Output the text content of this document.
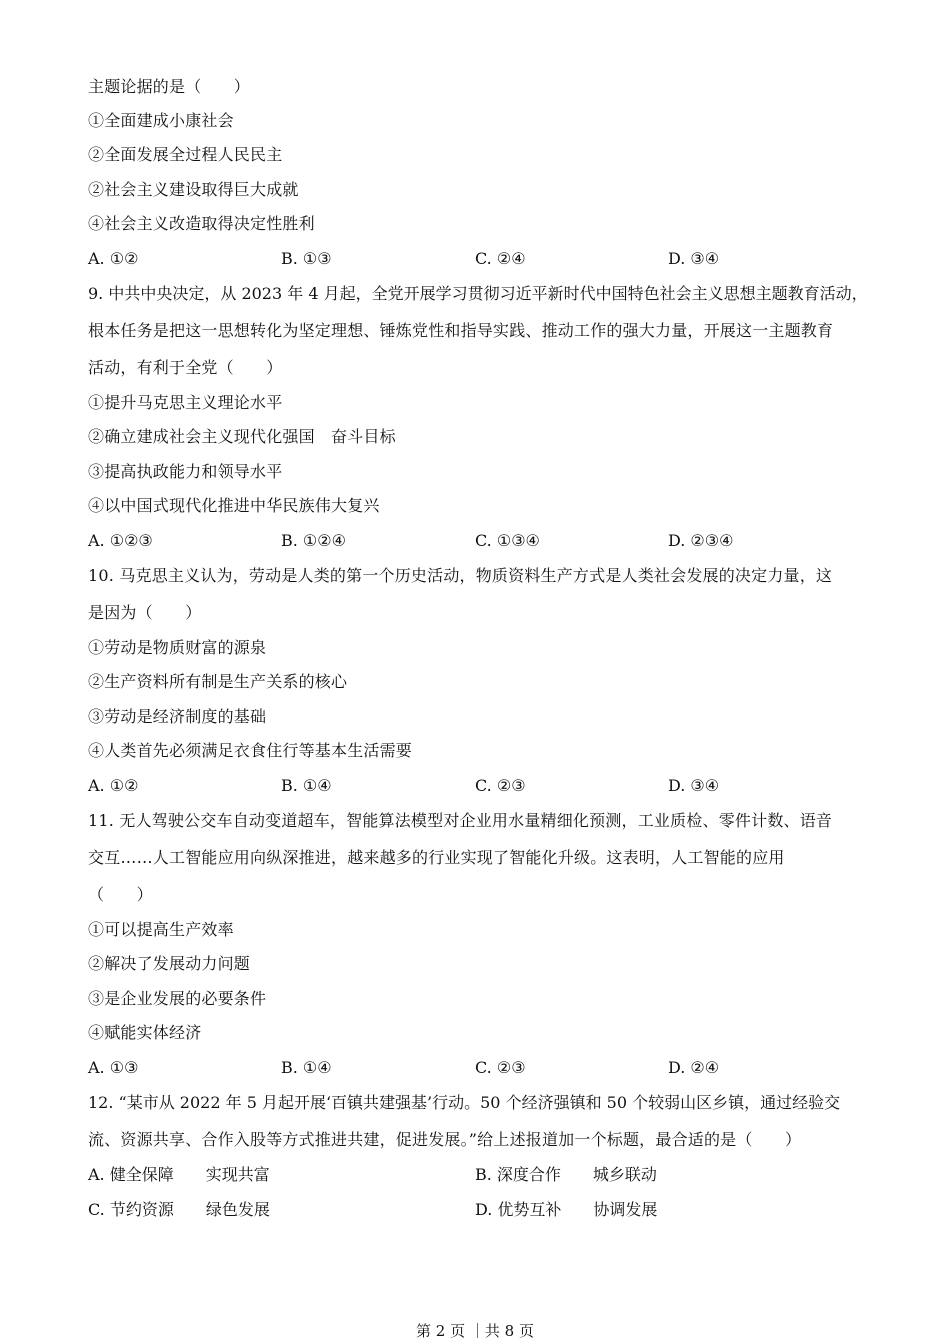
主题论据的是（　　）
①全面建成小康社会
②全面发展全过程人民民主
②社会主义建设取得巨大成就
④社会主义改造取得决定性胜利
A. ①②	B. ①③	C. ②④	D. ③④
9. 中共中央决定，从 2023 年 4 月起，全党开展学习贯彻习近平新时代中国特色社会主义思想主题教育活动，
根本任务是把这一思想转化为坚定理想、锤炼党性和指导实践、推动工作的强大力量，开展这一主题教育
活动，有利于全党（　　）
①提升马克思主义理论水平
②确立建成社会主义现代化强国　奋斗目标
③提高执政能力和领导水平
④以中国式现代化推进中华民族伟大复兴
A. ①②③	B. ①②④	C. ①③④	D. ②③④
10. 马克思主义认为，劳动是人类的第一个历史活动，物质资料生产方式是人类社会发展的决定力量，这
是因为（　　）
①劳动是物质财富的源泉
②生产资料所有制是生产关系的核心
③劳动是经济制度的基础
④人类首先必须满足衣食住行等基本生活需要
A. ①②	B. ①④	C. ②③	D. ③④
11. 无人驾驶公交车自动变道超车，智能算法模型对企业用水量精细化预测，工业质检、零件计数、语音
交互……人工智能应用向纵深推进，越来越多的行业实现了智能化升级。这表明，人工智能的应用
（　　）
①可以提高生产效率
②解决了发展动力问题
③是企业发展的必要条件
④赋能实体经济
A. ①③	B. ①④	C. ②③	D. ②④
12. “某市从 2022 年 5 月起开展‘百镇共建强基’行动。50 个经济强镇和 50 个较弱山区乡镇，通过经验交
流、资源共享、合作入股等方式推进共建，促进发展。”给上述报道加一个标题，最合适的是（　　）
A. 健全保障　　实现共富	B. 深度合作　　城乡联动
C. 节约资源　　绿色发展	D. 优势互补　　协调发展
第 2 页 ｜共 8 页
